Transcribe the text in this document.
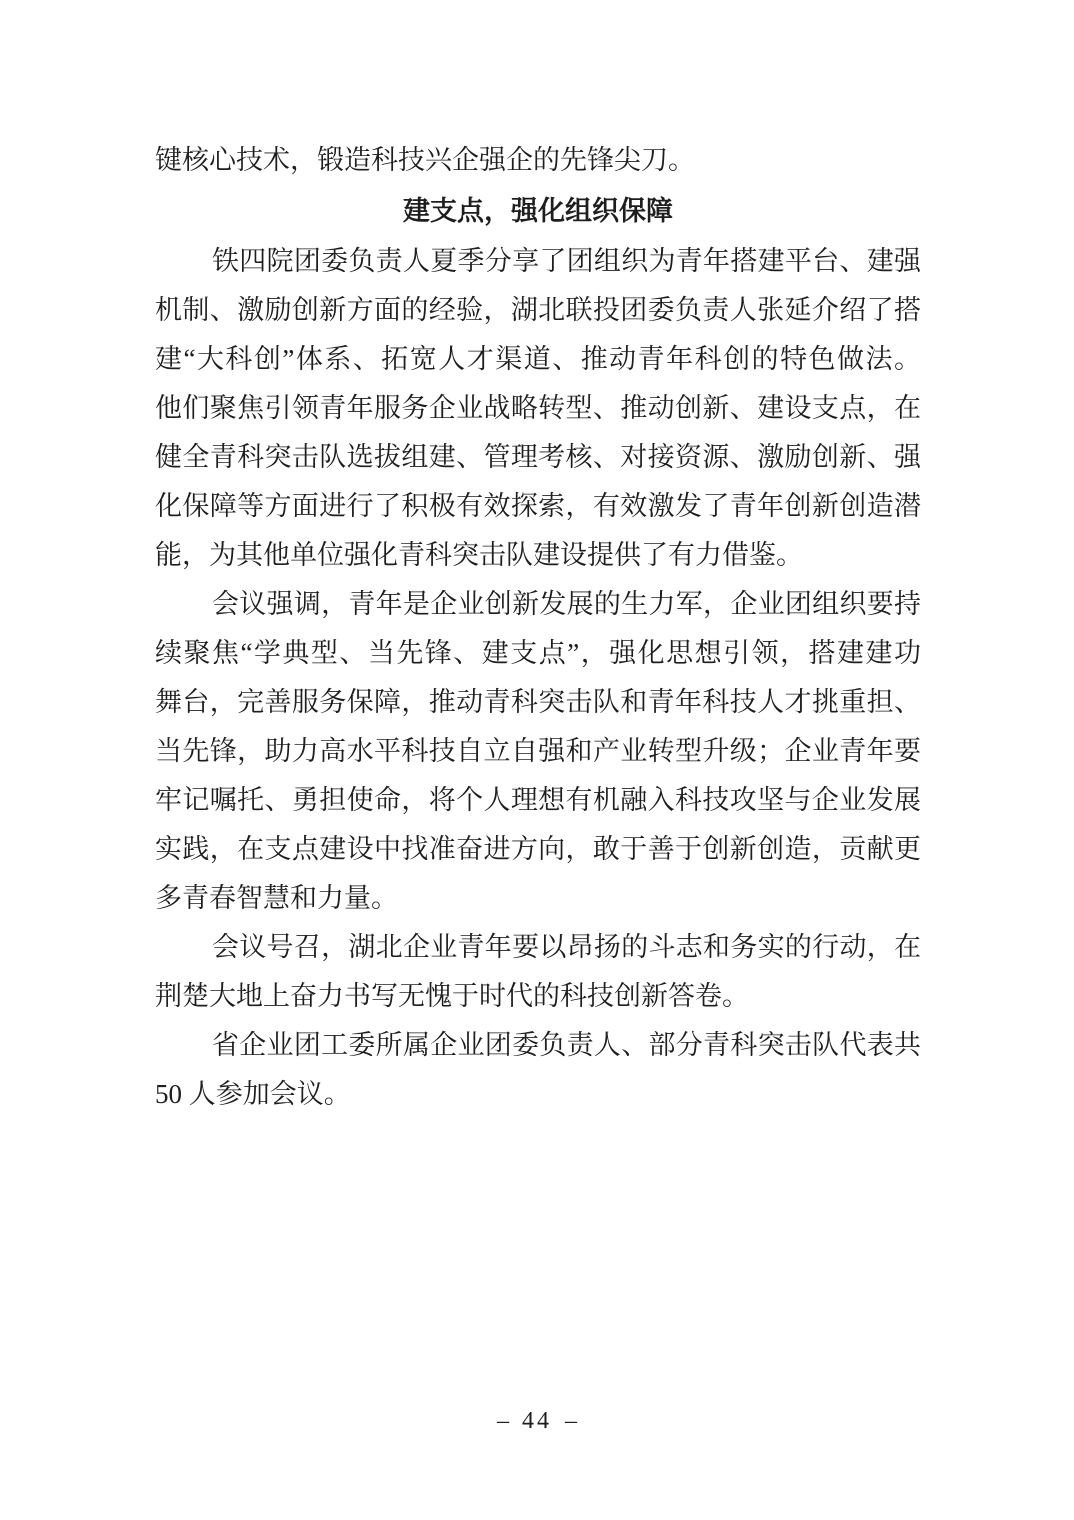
键核心技术，锻造科技兴企强企的先锋尖刀。
建支点，强化组织保障
铁四院团委负责人夏季分享了团组织为青年搭建平台、建强
机制、激励创新方面的经验，湖北联投团委负责人张延介绍了搭
建“大科创”体系、拓宽人才渠道、推动青年科创的特色做法。
他们聚焦引领青年服务企业战略转型、推动创新、建设支点，在
健全青科突击队选拔组建、管理考核、对接资源、激励创新、强
化保障等方面进行了积极有效探索，有效激发了青年创新创造潜
能，为其他单位强化青科突击队建设提供了有力借鉴。
会议强调，青年是企业创新发展的生力军，企业团组织要持
续聚焦“学典型、当先锋、建支点”，强化思想引领，搭建建功
舞台，完善服务保障，推动青科突击队和青年科技人才挑重担、
当先锋，助力高水平科技自立自强和产业转型升级；企业青年要
牢记嘱托、勇担使命，将个人理想有机融入科技攻坚与企业发展
实践，在支点建设中找准奋进方向，敢于善于创新创造，贡献更
多青春智慧和力量。
会议号召，湖北企业青年要以昂扬的斗志和务实的行动，在
荆楚大地上奋力书写无愧于时代的科技创新答卷。
省企业团工委所属企业团委负责人、部分青科突击队代表共
50 人参加会议。
– 44 –
